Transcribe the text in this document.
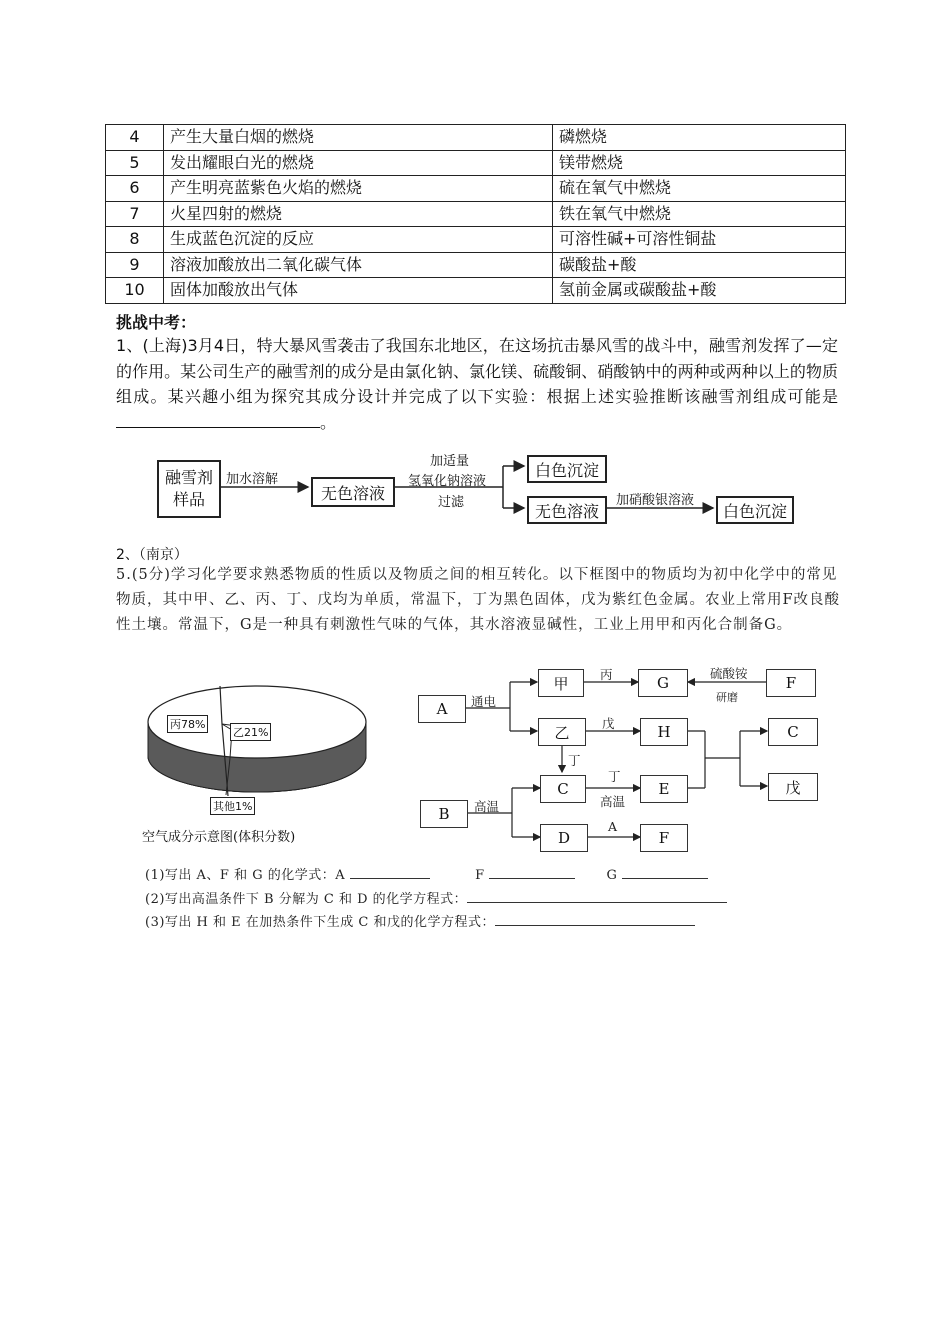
4	产生大量白烟的燃烧	磷燃烧
5	发出耀眼白光的燃烧	镁带燃烧
6	产生明亮蓝紫色火焰的燃烧	硫在氧气中燃烧
7	火星四射的燃烧	铁在氧气中燃烧
8	生成蓝色沉淀的反应	可溶性碱+可溶性铜盐
9	溶液加酸放出二氧化碳气体	碳酸盐+酸
10	固体加酸放出气体	氢前金属或碳酸盐+酸
挑战中考：
1、(上海)3月4日，特大暴风雪袭击了我国东北地区，在这场抗击暴风雪的战斗中，融雪剂发挥了—定的作用。某公司生产的融雪剂的成分是由氯化钠、氯化镁、硫酸铜、硝酸钠中的两种或两种以上的物质组成。某兴趣小组为探究其成分设计并完成了以下实验：根据上述实验推断该融雪剂组成可能是。
融雪剂样品
加水溶解
无色溶液
加适量
氢氧化钠溶液
过滤
白色沉淀
无色溶液
加硝酸银溶液
白色沉淀
2、（南京）
5.(5分)学习化学要求熟悉物质的性质以及物质之间的相互转化。以下框图中的物质均为初中化学中的常见物质，其中甲、乙、丙、丁、戊均为单质，常温下，丁为黑色固体，戊为紫红色金属。农业上常用F改良酸性土壤。常温下，G是一种具有刺激性气味的气体，其水溶液显碱性，工业上用甲和丙化合制备G。
丙78%
乙21%
其他1%
空气成分示意图(体积分数)
A
甲	G	F
乙	H	C
C	E	戊
B
D	F
通电
丙	硫酸铵
研磨
戊
丁
丁
高温
高温
A
(1)写出 A、F 和 G 的化学式：A	F	G
(2)写出高温条件下 B 分解为 C 和 D 的化学方程式：
(3)写出 H 和 E 在加热条件下生成 C 和戊的化学方程式：
